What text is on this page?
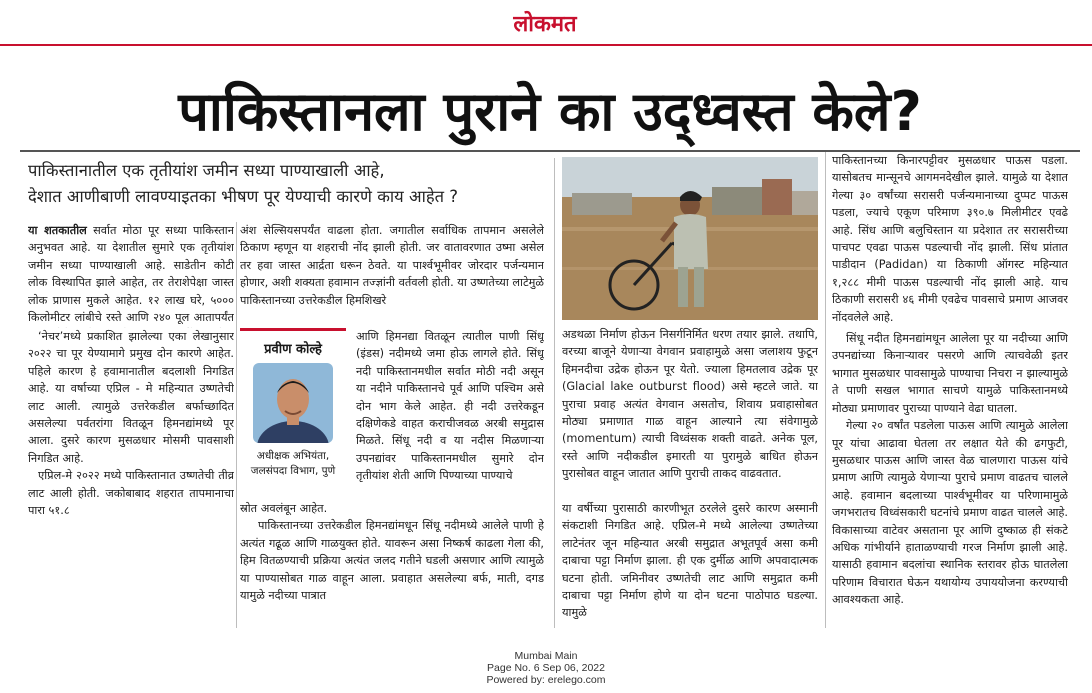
लोकमत
पाकिस्तानला पुराने का उद्ध्वस्त केले?
पाकिस्तानातील एक तृतीयांश जमीन सध्या पाण्याखाली आहे,
देशात आणीबाणी लावण्याइतका भीषण पूर येण्याची कारणे काय आहेत ?
या शतकातील सर्वात मोठा पूर सध्या पाकिस्तान अनुभवत आहे. या देशातील सुमारे एक तृतीयांश जमीन सध्या पाण्याखाली आहे. साडेतीन कोटी लोक विस्थापित झाले आहेत, तर तेराशेपेक्षा जास्त लोक प्राणास मुकले आहेत. १२ लाख घरे, ५००० किलोमीटर लांबीचे रस्ते आणि २४० पूल आतापर्यंत

‘नेचर’मध्ये प्रकाशित झालेल्या एका लेखानुसार २०२२ चा पूर येण्यामागे प्रमुख दोन कारणे आहेत. पहिले कारण हे हवामानातील बदलाशी निगडित आहे. या वर्षाच्या एप्रिल - मे महिन्यात उष्णतेची लाट आली. त्यामुळे उत्तरेकडील बर्फाच्छादित असलेल्या पर्वतरांगा वितळून हिमनद्यांमध्ये पूर आला. दुसरे कारण मुसळधार मोसमी पावसाशी निगडित आहे.

एप्रिल-मे २०२२ मध्ये पाकिस्तानात उष्णतेची तीव्र लाट आली होती. जकोबाबाद शहरात तापमानाचा पारा ५१.८

अंश सेल्सियसपर्यंत वाढला होता. जगातील सर्वाधिक तापमान असलेले ठिकाण म्हणून या शहराची नोंद झाली होती. जर वातावरणात उष्मा असेल तर हवा जास्त आर्द्रता धरून ठेवते. या पार्श्वभूमीवर जोरदार पर्जन्यमान होणार, अशी शक्यता हवामान तज्ज्ञांनी वर्तवली होती. या उष्णतेच्या लाटेमुळे पाकिस्तानच्या उत्तरेकडील हिमशिखरे
आणि हिमनद्या वितळून त्यातील पाणी सिंधू (इंडस) नदीमध्ये जमा होऊ लागले होते. सिंधू नदी पाकिस्तानमधील सर्वात मोठी नदी असून या नदीने पाकिस्तानचे पूर्व आणि पश्चिम असे दोन भाग केले आहेत. ही नदी उत्तरेकडून दक्षिणेकडे वाहत कराचीजवळ अरबी समुद्रास मिळते. सिंधू नदी व या नदीस मिळणाऱ्या उपनद्यांवर पाकिस्तानमधील सुमारे दोन तृतीयांश शेती आणि पिण्याच्या पाण्याचे

स्रोत अवलंबून आहेत.

पाकिस्तानच्या उत्तरेकडील हिमनद्यांमधून सिंधू नदीमध्ये आलेले पाणी हे अत्यंत गढूळ आणि गाळयुक्त होते. यावरून असा निष्कर्ष काढला गेला की, हिम वितळण्याची प्रक्रिया अत्यंत जलद गतीने घडली असणार आणि त्यामुळे या पाण्यासोबत गाळ वाहून आला. प्रवाहात असलेल्या बर्फ, माती, दगड यामुळे नदीच्या पात्रात

प्रवीण कोल्हे
अधीक्षक अभियंता,
जलसंपदा विभाग, पुणे
अडथळा निर्माण होऊन निसर्गनिर्मित धरण तयार झाले. तथापि, वरच्या बाजूने येणाऱ्या वेगवान प्रवाहामुळे असा जलाशय फुटून हिमनदीचा उद्रेक होऊन पूर येतो. ज्याला हिमतलाव उद्रेक पूर (Glacial lake outburst flood) असे म्हटले जाते. या पुराचा प्रवाह अत्यंत वेगवान असतोच, शिवाय प्रवाहासोबत मोठ्या प्रमाणात गाळ वाहून आल्याने त्या संवेगामुळे (momentum) त्याची विध्वंसक शक्ती वाढते. अनेक पूल, रस्ते आणि नदीकडील इमारती या पुरामुळे बाधित होऊन पुरासोबत वाहून जातात आणि पुराची ताकद वाढवतात.
या वर्षीच्या पुरासाठी कारणीभूत ठरलेले दुसरे कारण अस्मानी संकटाशी निगडित आहे. एप्रिल-मे मध्ये आलेल्या उष्णतेच्या लाटेनंतर जून महिन्यात अरबी समुद्रात अभूतपूर्व असा कमी दाबाचा पट्टा निर्माण झाला. ही एक दुर्मीळ आणि अपवादात्मक घटना होती. जमिनीवर उष्णतेची लाट आणि समुद्रात कमी दाबाचा पट्टा निर्माण होणे या दोन घटना पाठोपाठ घडल्या. यामुळे

पाकिस्तानच्या किनारपट्टीवर मुसळधार पाऊस पडला. यासोबतच मान्सूनचे आगमनदेखील झाले. यामुळे या देशात गेल्या ३० वर्षांच्या सरासरी पर्जन्यमानाच्या दुप्पट पाऊस पडला, ज्याचे एकूण परिमाण ३९०.७ मिलीमीटर एवढे आहे. सिंध आणि बलुचिस्तान या प्रदेशात तर सरासरीच्या पाचपट एवढा पाऊस पडल्याची नोंद झाली. सिंध प्रांतात पाडीदान (Padidan) या ठिकाणी ऑगस्ट महिन्यात १,२८८ मीमी पाऊस पडल्याची नोंद झाली आहे. याच ठिकाणी सरासरी ४६ मीमी एवढेच पावसाचे प्रमाण आजवर नोंदवलेले आहे.

सिंधू नदीत हिमनद्यांमधून आलेला पूर या नदीच्या आणि उपनद्यांच्या किनाऱ्यावर पसरणे आणि त्याचवेळी इतर भागात मुसळधार पावसामुळे पाण्याचा निचरा न झाल्यामुळे ते पाणी सखल भागात साचणे यामुळे पाकिस्तानमध्ये मोठ्या प्रमाणावर पुराच्या पाण्याने वेढा घातला.

गेल्या २० वर्षांत पडलेला पाऊस आणि त्यामुळे आलेला पूर यांचा आढावा घेतला तर लक्षात येते की ढगफुटी, मुसळधार पाऊस आणि जास्त वेळ चालणारा पाऊस यांचे प्रमाण आणि त्यामुळे येणाऱ्या पुराचे प्रमाण वाढतच चालले आहे. हवामान बदलाच्या पार्श्वभूमीवर या परिणामामुळे जगभरातच विध्वंसकारी घटनांचे प्रमाण वाढत चालले आहे. विकासाच्या वाटेवर असताना पूर आणि दुष्काळ ही संकटे अधिक गांभीर्याने हाताळण्याची गरज निर्माण झाली आहे. यासाठी हवामान बदलांचा स्थानिक स्तरावर होऊ घातलेला परिणाम विचारात घेऊन यथायोग्य उपाययोजना करण्याची आवश्यकता आहे.

Mumbai Main
Page No. 6 Sep 06, 2022
Powered by: erelego.com
